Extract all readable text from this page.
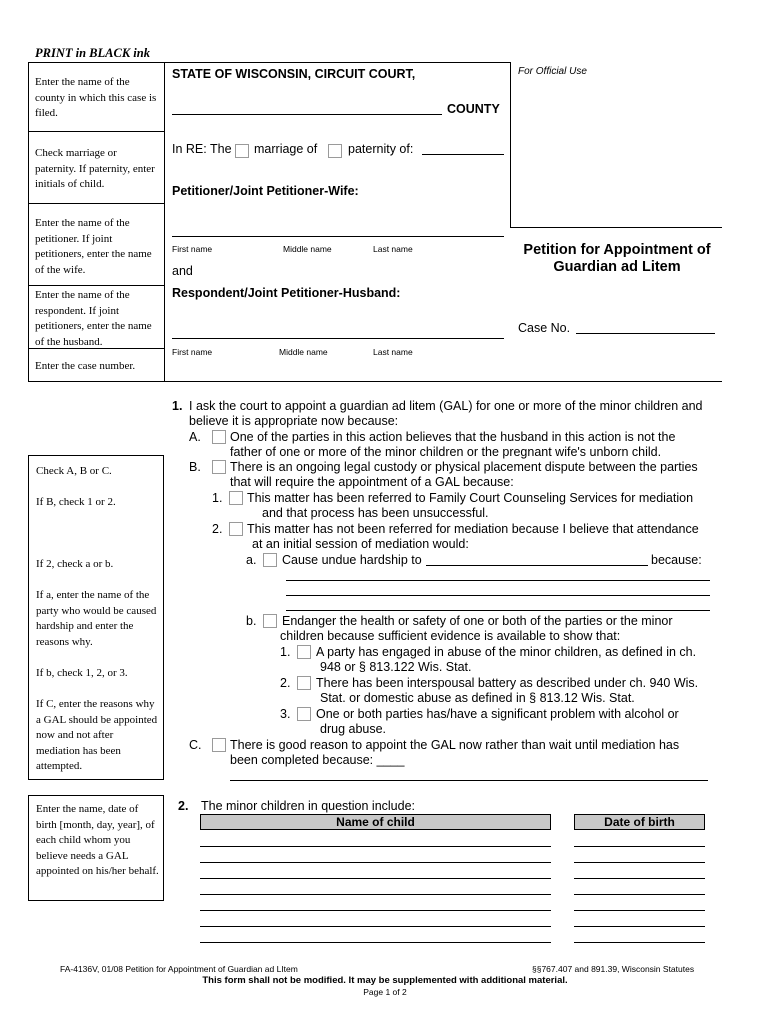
PRINT in BLACK ink
Enter the name of the county in which this case is filed.
Check marriage or paternity. If paternity, enter initials of child.
Enter the name of the petitioner. If joint petitioners, enter the name of the wife.
Enter the name of the respondent. If joint petitioners, enter the name of the husband.
Enter the case number.
STATE OF WISCONSIN, CIRCUIT COURT,
COUNTY
For Official Use
In RE: The marriage of paternity of:
Petitioner/Joint Petitioner-Wife:
First name	Middle name	Last name
and
Respondent/Joint Petitioner-Husband:
First name	Middle name	Last name
Petition for Appointment of
Guardian ad Litem
Case No.
Check A, B or C.
If B, check 1 or 2.
If 2, check a or b.
If a, enter the name of the party who would be caused hardship and enter the reasons why.
If b, check 1, 2, or 3.
If C, enter the reasons why a GAL should be appointed now and not after mediation has been attempted.
1. I ask the court to appoint a guardian ad litem (GAL) for one or more of the minor children and
believe it is appropriate now because:
A. One of the parties in this action believes that the husband in this action is not the
father of one or more of the minor children or the pregnant wife's unborn child.
B. There is an ongoing legal custody or physical placement dispute between the parties
that will require the appointment of a GAL because:
1. This matter has been referred to Family Court Counseling Services for mediation
and that process has been unsuccessful.
2. This matter has not been referred for mediation because I believe that attendance
at an initial session of mediation would:
a. Cause undue hardship to	because:
b. Endanger the health or safety of one or both of the parties or the minor
children because sufficient evidence is available to show that:
1. A party has engaged in abuse of the minor children, as defined in ch.
948 or § 813.122 Wis. Stat.
2. There has been interspousal battery as described under ch. 940 Wis.
Stat. or domestic abuse as defined in § 813.12 Wis. Stat.
3. One or both parties has/have a significant problem with alcohol or
drug abuse.
C. There is good reason to appoint the GAL now rather than wait until mediation has
been completed because: ____
Enter the name, date of birth [month, day, year], of each child whom you believe needs a GAL appointed on his/her behalf.
2. The minor children in question include:
Name of child	Date of birth
FA-4136V, 01/08 Petition for Appointment of Guardian ad LItem	§§767.407 and 891.39, Wisconsin Statutes
This form shall not be modified. It may be supplemented with additional material.
Page 1 of 2
